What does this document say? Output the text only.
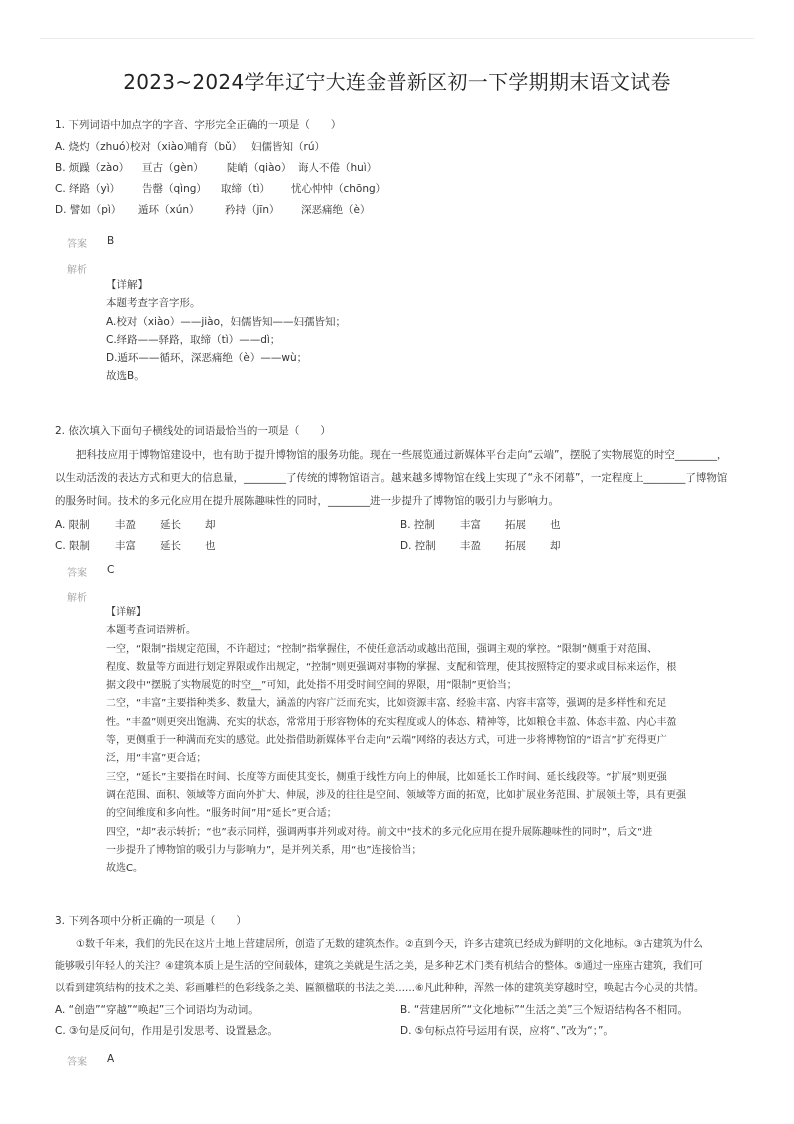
2023~2024学年辽宁大连金普新区初一下学期期末语文试卷
1. 下列词语中加点字的字音、字形完全正确的一项是（　　）
A. 烧灼（zhuó）校对（xiào）哺育（bǔ） 妇儒皆知（rú）
B. 烦躁（zào） 亘古（gèn） 陡峭（qiào） 诲人不倦（huì）
C. 绎路（yì） 告罄（qìng） 取缔（tì） 忧心忡忡（chōng）
D. 譬如（pì） 遁环（xún） 矜持（jīn） 深恶痛绝（è）
答案 B
解析
【详解】
本题考查字音字形。
A.校对（xiào）——jiào，妇儒皆知——妇孺皆知；
C.绎路——驿路，取缔（tì）——dì；
D.遁环——循环，深恶痛绝（è）——wù；
故选B。
2. 依次填入下面句子横线处的词语最恰当的一项是（　　）
把科技应用于博物馆建设中，也有助于提升博物馆的服务功能。现在一些展览通过新媒体平台走向“云端”，摆脱了实物展览的时空________，
以生动活泼的表达方式和更大的信息量，________了传统的博物馆语言。越来越多博物馆在线上实现了“永不闭幕”，一定程度上________了博物馆
的服务时间。技术的多元化应用在提升展陈趣味性的同时，________进一步提升了博物馆的吸引力与影响力。
A. 限制 丰盈 延长 却	B. 控制 丰富 拓展 也
C. 限制 丰富 延长 也	D. 控制 丰盈 拓展 却
答案 C
解析
【详解】
本题考查词语辨析。
一空，“限制”指规定范围，不许超过；“控制”指掌握住，不使任意活动或越出范围，强调主观的掌控。“限制”侧重于对范围、
程度、数量等方面进行划定界限或作出规定，“控制”则更强调对事物的掌握、支配和管理，使其按照特定的要求或目标来运作，根
据文段中“摆脱了实物展览的时空__”可知，此处指不用受时间空间的界限，用“限制”更恰当；
二空，“丰富”主要指种类多、数量大，涵盖的内容广泛而充实，比如资源丰富、经验丰富、内容丰富等，强调的是多样性和充足
性。“丰盈”则更突出饱满、充实的状态，常常用于形容物体的充实程度或人的体态、精神等，比如粮仓丰盈、体态丰盈、内心丰盈
等，更侧重于一种满而充实的感觉。此处指借助新媒体平台走向“云端”网络的表达方式，可进一步将博物馆的“语言”扩充得更广
泛，用“丰富”更合适；
三空，“延长”主要指在时间、长度等方面使其变长，侧重于线性方向上的伸展，比如延长工作时间、延长线段等。“扩展”则更强
调在范围、面积、领域等方面向外扩大、伸展，涉及的往往是空间、领域等方面的拓宽，比如扩展业务范围、扩展领土等，具有更强
的空间维度和多向性。“服务时间”用“延长”更合适；
四空，“却”表示转折；“也”表示同样，强调两事并列或对待。前文中“技术的多元化应用在提升展陈趣味性的同时”，后文“进
一步提升了博物馆的吸引力与影响力”，是并列关系，用“也”连接恰当；
故选C。
3. 下列各项中分析正确的一项是（　　）
①数千年来，我们的先民在这片土地上营建居所，创造了无数的建筑杰作。②直到今天，许多古建筑已经成为鲜明的文化地标。③古建筑为什么
能够吸引年轻人的关注？④建筑本质上是生活的空间载体，建筑之美就是生活之美，是多种艺术门类有机结合的整体。⑤通过一座座古建筑，我们可
以看到建筑结构的技术之美、彩画雕栏的色彩线条之美、匾额楹联的书法之美……⑥凡此种种，浑然一体的建筑美穿越时空，唤起古今心灵的共情。
A. “创造”“穿越”“唤起”三个词语均为动词。	B. “营建居所”“文化地标”“生活之美”三个短语结构各不相同。
C. ③句是反问句，作用是引发思考、设置悬念。	D. ⑤句标点符号运用有误，应将“、”改为“；”。
答案 A
